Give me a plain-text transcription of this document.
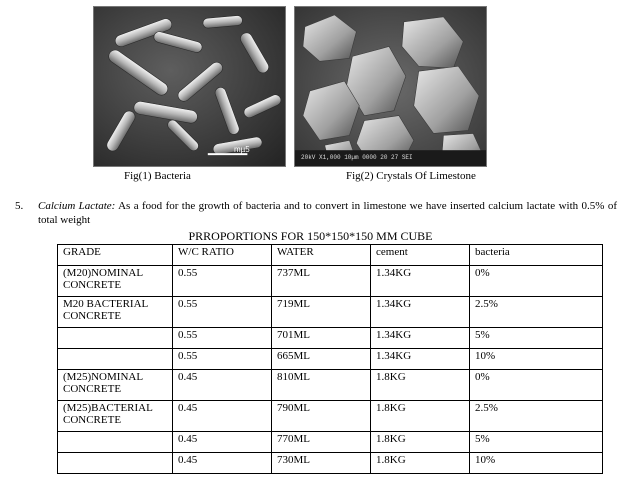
mµ5
20kV X1,000 10µm 0000 20 27 SEI
Fig(1) Bacteria	Fig(2) Crystals Of Limestone
5.	Calcium Lactate: As a food for the growth of bacteria and to convert in limestone we have inserted calcium lactate with 0.5% of total weight
PRROPORTIONS FOR 150*150*150 MM CUBE
GRADE	W/C RATIO	WATER	cement	bacteria
(M20)NOMINAL CONCRETE	0.55	737ML	1.34KG	0%
M20 BACTERIAL CONCRETE	0.55	719ML	1.34KG	2.5%
	0.55	701ML	1.34KG	5%
	0.55	665ML	1.34KG	10%
(M25)NOMINAL CONCRETE	0.45	810ML	1.8KG	0%
(M25)BACTERIAL CONCRETE	0.45	790ML	1.8KG	2.5%
	0.45	770ML	1.8KG	5%
	0.45	730ML	1.8KG	10%
